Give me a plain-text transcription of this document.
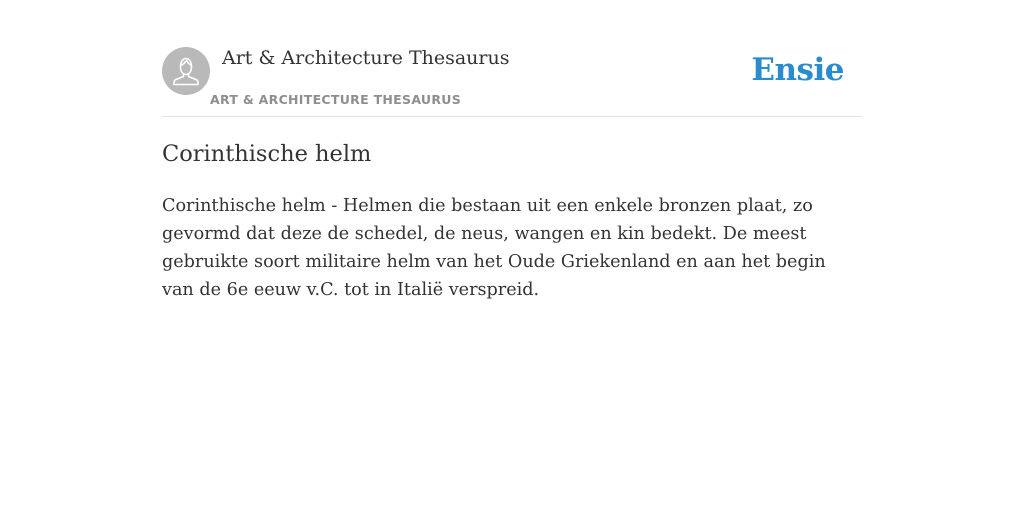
Art & Architecture Thesaurus
ART & ARCHITECTURE THESAURUS
Ensie
Corinthische helm

Corinthische helm - Helmen die bestaan uit een enkele bronzen plaat, zo gevormd dat deze de schedel, de neus, wangen en kin bedekt. De meest gebruikte soort militaire helm van het Oude Griekenland en aan het begin van de 6e eeuw v.C. tot in Italië verspreid.
